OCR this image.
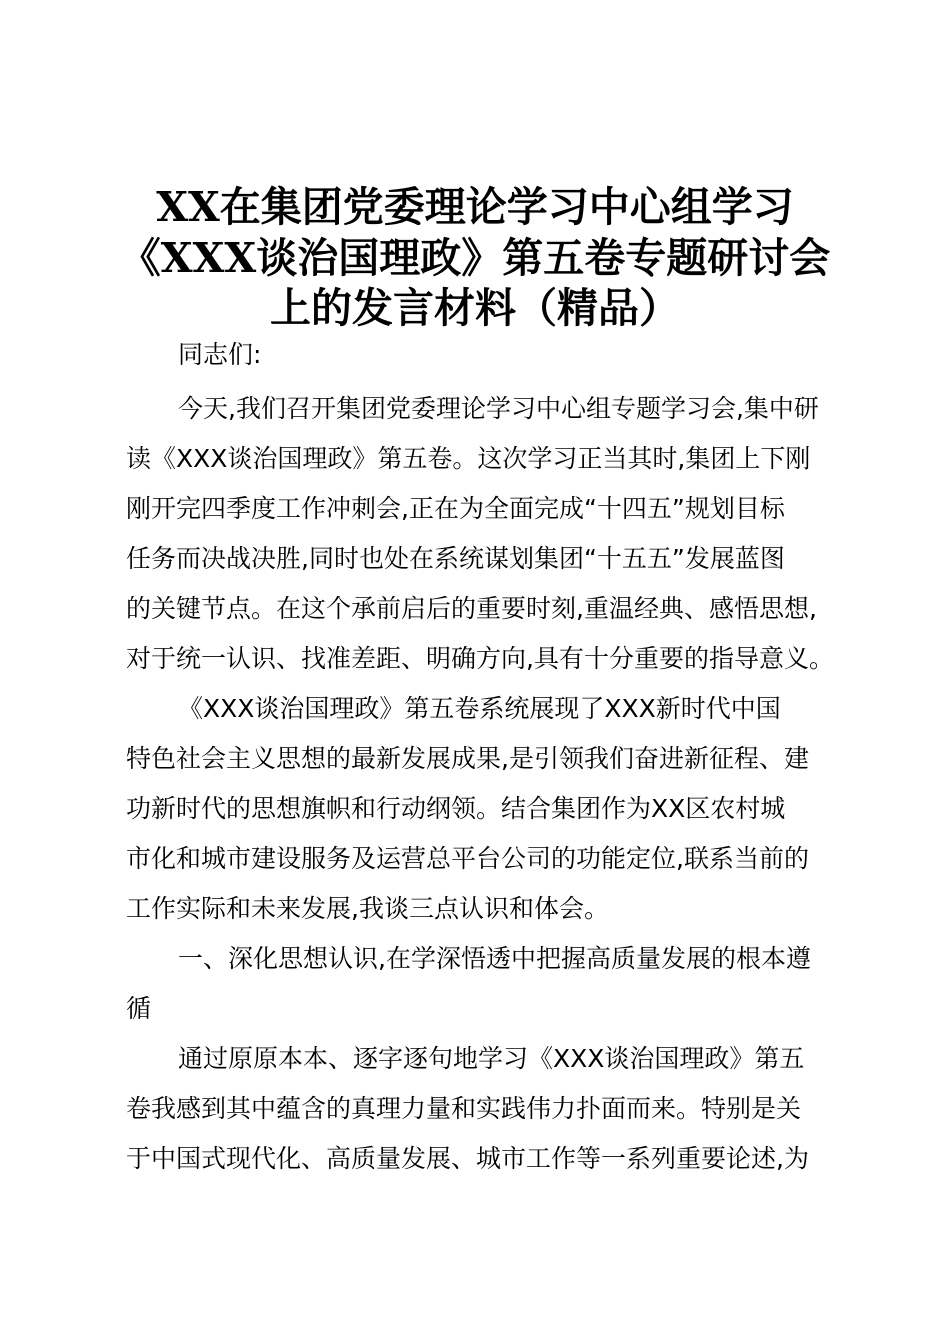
XX在集团党委理论学习中心组学习
《XXX谈治国理政》第五卷专题研讨会
上的发言材料（精品）

同志们:

今天,我们召开集团党委理论学习中心组专题学习会,集中研

读《XXX谈治国理政》第五卷。这次学习正当其时,集团上下刚

刚开完四季度工作冲刺会,正在为全面完成“十四五”规划目标

任务而决战决胜,同时也处在系统谋划集团“十五五”发展蓝图

的关键节点。在这个承前启后的重要时刻,重温经典、感悟思想,

对于统一认识、找准差距、明确方向,具有十分重要的指导意义。

《XXX谈治国理政》第五卷系统展现了XXX新时代中国

特色社会主义思想的最新发展成果,是引领我们奋进新征程、建

功新时代的思想旗帜和行动纲领。结合集团作为XX区农村城

市化和城市建设服务及运营总平台公司的功能定位,联系当前的

工作实际和未来发展,我谈三点认识和体会。

一、深化思想认识,在学深悟透中把握高质量发展的根本遵

循

通过原原本本、逐字逐句地学习《XXX谈治国理政》第五

卷我感到其中蕴含的真理力量和实践伟力扑面而来。特别是关

于中国式现代化、高质量发展、城市工作等一系列重要论述,为
